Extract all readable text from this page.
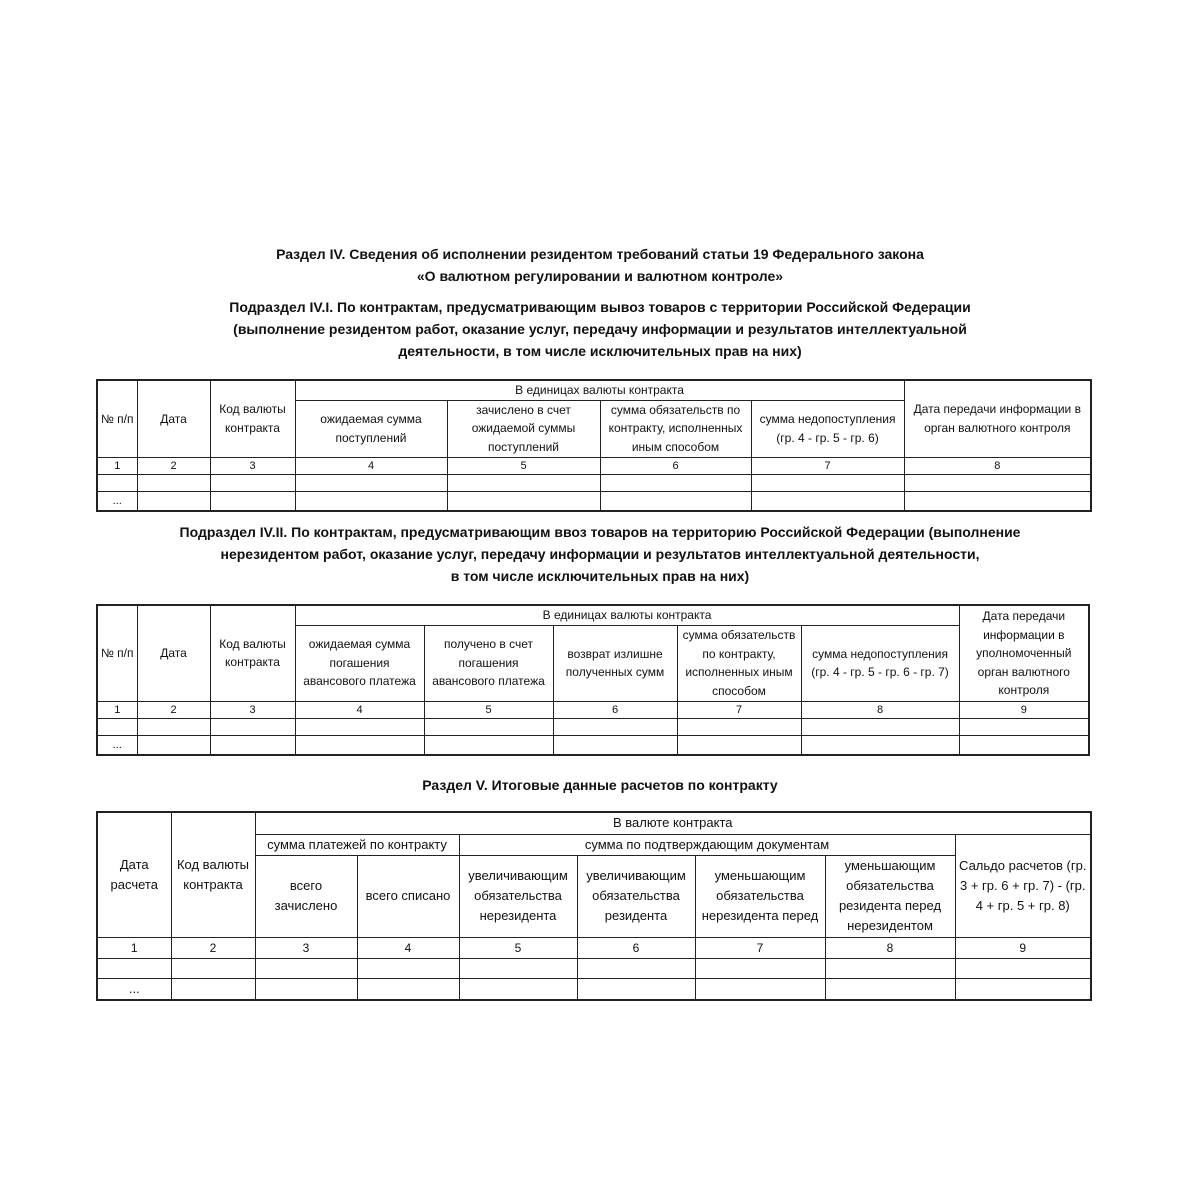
Раздел IV. Сведения об исполнении резидентом требований статьи 19 Федерального закона
«О валютном регулировании и валютном контроле»
Подраздел IV.I. По контрактам, предусматривающим вывоз товаров с территории Российской Федерации
(выполнение резидентом работ, оказание услуг, передачу информации и результатов интеллектуальной
деятельности, в том числе исключительных прав на них)
№ п/п	Дата	Код валюты контракта	В единицах валюты контракта				Дата передачи информации в орган валютного контроля
			ожидаемая сумма поступлений	зачислено в счет ожидаемой суммы поступлений	сумма обязательств по контракту, исполненных иным способом	сумма недопоступления (гр. 4 - гр. 5 - гр. 6)	
1	2	3	4	5	6	7	8

...							
Подраздел IV.II. По контрактам, предусматривающим ввоз товаров на территорию Российской Федерации (выполнение
нерезидентом работ, оказание услуг, передачу информации и результатов интеллектуальной деятельности,
в том числе исключительных прав на них)
№ п/п	Дата	Код валюты контракта	В единицах валюты контракта					Дата передачи информации в уполномоченный орган валютного контроля
			ожидаемая сумма погашения авансового платежа	получено в счет погашения авансового платежа	возврат излишне полученных сумм	сумма обязательств по контракту, исполненных иным способом	сумма недопоступления (гр. 4 - гр. 5 - гр. 6 - гр. 7)	
1	2	3	4	5	6	7	8	9

...								
Раздел V. Итоговые данные расчетов по контракту
Дата расчета	Код валюты контракта	В валюте контракта						
		сумма платежей по контракту		сумма по подтверждающим документам				Сальдо расчетов (гр. 3 + гр. 6 + гр. 7) - (гр. 4 + гр. 5 + гр. 8)
		всего зачислено	всего списано	увеличивающим обязательства нерезидента	увеличивающим обязательства резидента	уменьшающим обязательства нерезидента перед	уменьшающим обязательства резидента перед нерезидентом	
1	2	3	4	5	6	7	8	9

...								
